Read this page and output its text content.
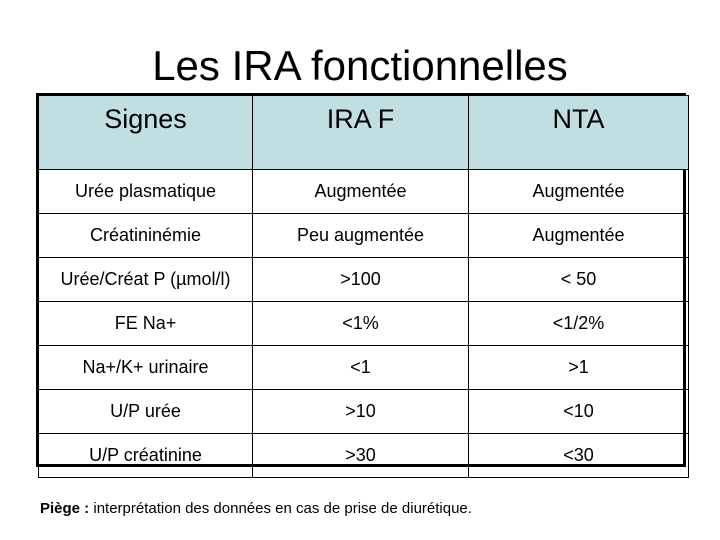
Les IRA fonctionnelles
Signes	IRA F	NTA
Urée plasmatique	Augmentée	Augmentée
Créatininémie	Peu augmentée	Augmentée
Urée/Créat P (µmol/l)	>100	< 50
FE Na+	<1%	<1/2%
Na+/K+ urinaire	<1	>1
U/P urée	>10	<10
U/P créatinine	>30	<30

Piège : interprétation des données en cas de prise de diurétique.
